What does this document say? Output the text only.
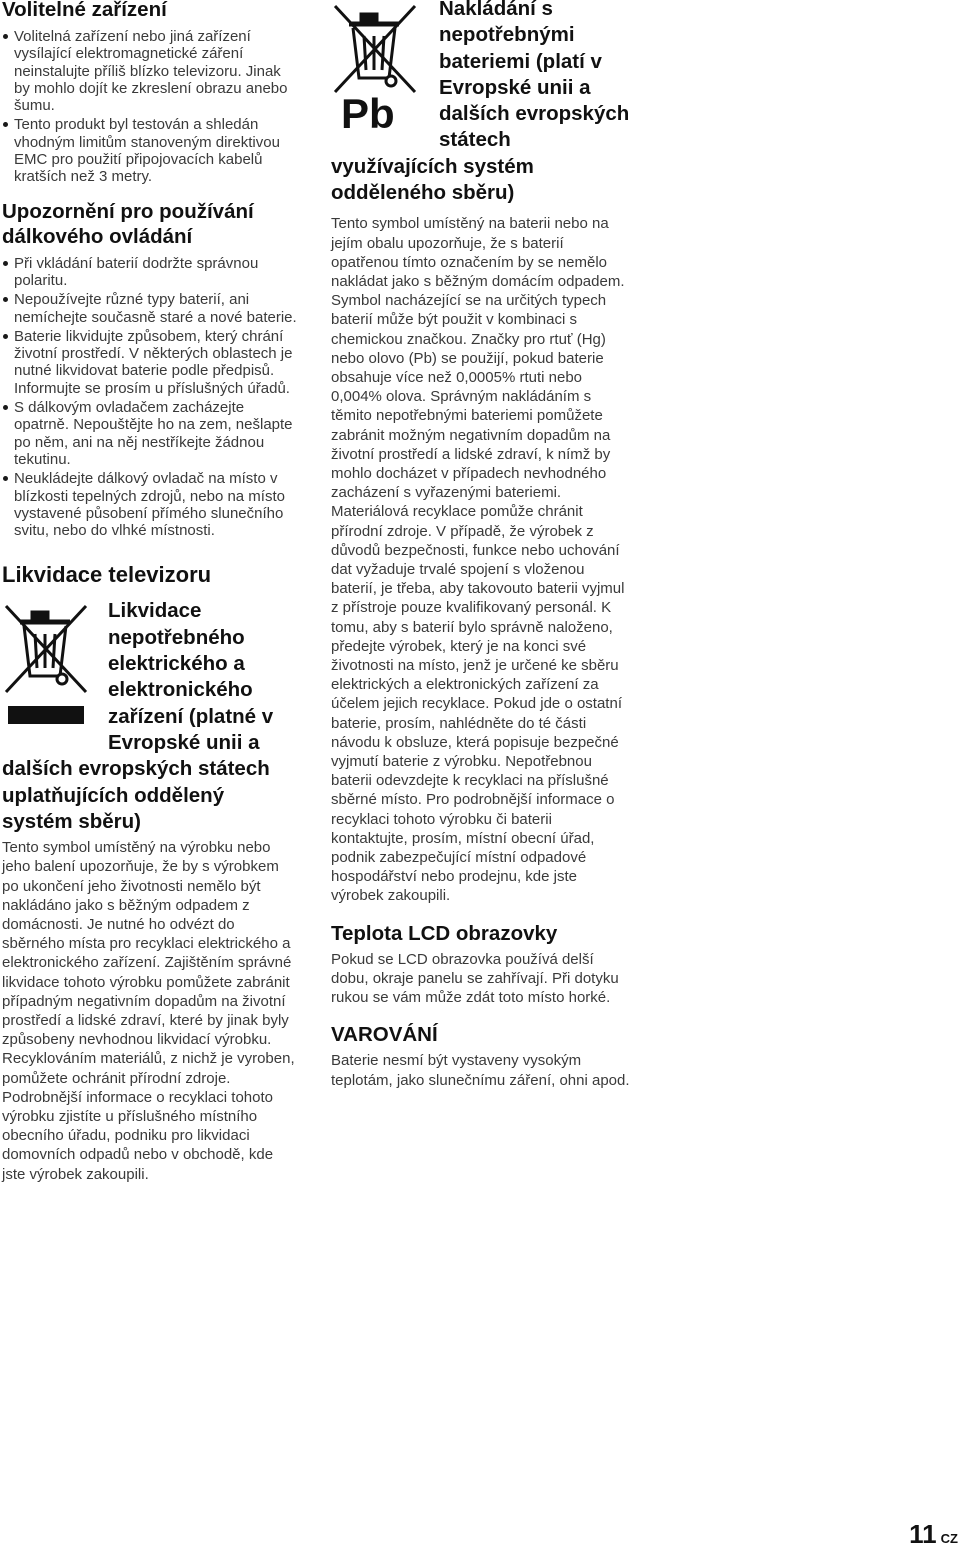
Volitelné zařízení
Volitelná zařízení nebo jiná zařízení vysílající elektromagnetické záření neinstalujte příliš blízko televizoru. Jinak by mohlo dojít ke zkreslení obrazu anebo šumu.
Tento produkt byl testován a shledán vhodným limitům stanoveným direktivou EMC pro použití připojovacích kabelů kratších než 3 metry.
Upozornění pro používání dálkového ovládání
Při vkládání baterií dodržte správnou polaritu.
Nepoužívejte různé typy baterií, ani nemíchejte současně staré a nové baterie.
Baterie likvidujte způsobem, který chrání životní prostředí. V některých oblastech je nutné likvidovat baterie podle předpisů. Informujte se prosím u příslušných úřadů.
S dálkovým ovladačem zacházejte opatrně. Nepouštějte ho na zem, nešlapte po něm, ani na něj nestříkejte žádnou tekutinu.
Neukládejte dálkový ovladač na místo v blízkosti tepelných zdrojů, nebo na místo vystavené působení přímého slunečního svitu, nebo do vlhké místnosti.
Likvidace televizoru
Likvidace nepotřebného elektrického a elektronického zařízení (platné v Evropské unii a dalších evropských státech uplatňujících oddělený systém sběru)

Tento symbol umístěný na výrobku nebo jeho balení upozorňuje, že by s výrobkem po ukončení jeho životnosti nemělo být nakládáno jako s běžným odpadem z domácnosti. Je nutné ho odvézt do sběrného místa pro recyklaci elektrického a elektronického zařízení. Zajištěním správné likvidace tohoto výrobku pomůžete zabránit případným negativním dopadům na životní prostředí a lidské zdraví, které by jinak byly způsobeny nevhodnou likvidací výrobku. Recyklováním materiálů, z nichž je vyroben, pomůžete ochránit přírodní zdroje. Podrobnější informace o recyklaci tohoto výrobku zjistíte u příslušného místního obecního úřadu, podniku pro likvidaci domovních odpadů nebo v obchodě, kde jste výrobek zakoupili.

Pb
Nakládání s nepotřebnými bateriemi (platí v Evropské unii a dalších evropských státech využívajících systém odděleného sběru)

Tento symbol umístěný na baterii nebo na jejím obalu upozorňuje, že s baterií opatřenou tímto označením by se nemělo nakládat jako s běžným domácím odpadem. Symbol nacházející se na určitých typech baterií může být použit v kombinaci s chemickou značkou. Značky pro rtuť (Hg) nebo olovo (Pb) se použijí, pokud baterie obsahuje více než 0,0005% rtuti nebo 0,004% olova. Správným nakládáním s těmito nepotřebnými bateriemi pomůžete zabránit možným negativním dopadům na životní prostředí a lidské zdraví, k nímž by mohlo docházet v případech nevhodného zacházení s vyřazenými bateriemi. Materiálová recyklace pomůže chránit přírodní zdroje. V případě, že výrobek z důvodů bezpečnosti, funkce nebo uchování dat vyžaduje trvalé spojení s vloženou baterií, je třeba, aby takovouto baterii vyjmul z přístroje pouze kvalifikovaný personál. K tomu, aby s baterií bylo správně naloženo, předejte výrobek, který je na konci své životnosti na místo, jenž je určené ke sběru elektrických a elektronických zařízení za účelem jejich recyklace. Pokud jde o ostatní baterie, prosím, nahlédněte do té části návodu k obsluze, která popisuje bezpečné vyjmutí baterie z výrobku. Nepotřebnou baterii odevzdejte k recyklaci na příslušné sběrné místo. Pro podrobnější informace o recyklaci tohoto výrobku či baterii kontaktujte, prosím, místní obecní úřad, podnik zabezpečující místní odpadové hospodářství nebo prodejnu, kde jste výrobek zakoupili.

Teplota LCD obrazovky

Pokud se LCD obrazovka používá delší dobu, okraje panelu se zahřívají. Při dotyku rukou se vám může zdát toto místo horké.

VAROVÁNÍ

Baterie nesmí být vystaveny vysokým teplotám, jako slunečnímu záření, ohni apod.

11 CZ
